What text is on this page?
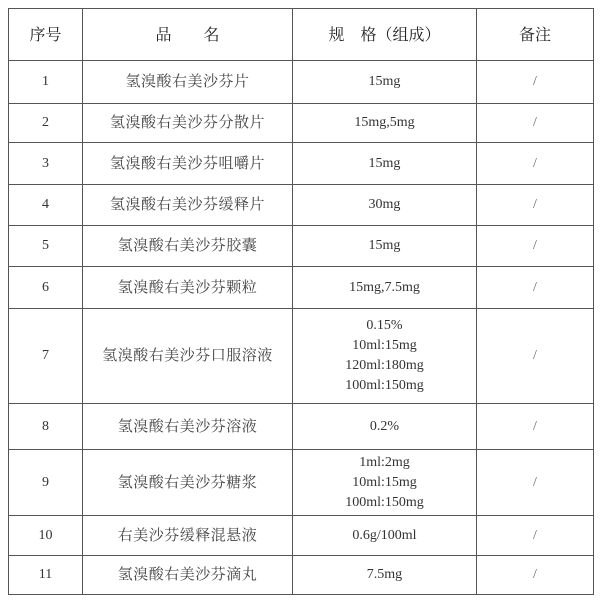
序号	品　　名	规　格（组成）	备注
1	氢溴酸右美沙芬片	15mg	/
2	氢溴酸右美沙芬分散片	15mg,5mg	/
3	氢溴酸右美沙芬咀嚼片	15mg	/
4	氢溴酸右美沙芬缓释片	30mg	/
5	氢溴酸右美沙芬胶囊	15mg	/
6	氢溴酸右美沙芬颗粒	15mg,7.5mg	/
7	氢溴酸右美沙芬口服溶液	0.15%
10ml:15mg
120ml:180mg
100ml:150mg	/
8	氢溴酸右美沙芬溶液	0.2%	/
9	氢溴酸右美沙芬糖浆	1ml:2mg
10ml:15mg
100ml:150mg	/
10	右美沙芬缓释混悬液	0.6g/100ml	/
11	氢溴酸右美沙芬滴丸	7.5mg	/
